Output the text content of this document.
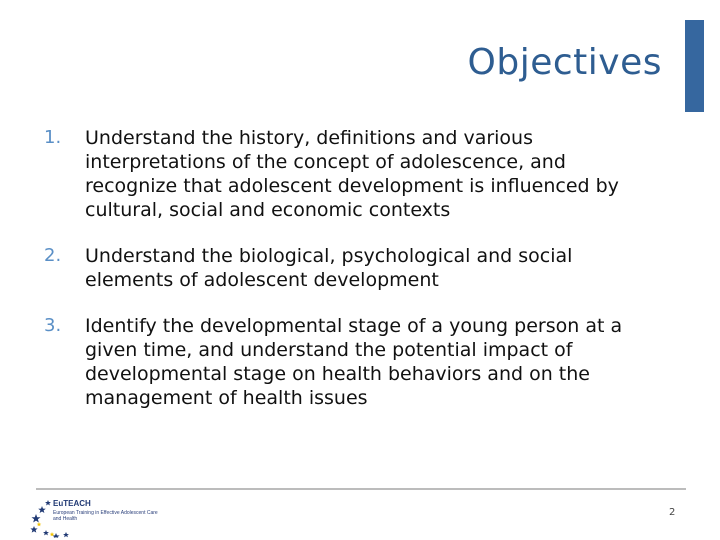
Objectives
1. Understand the history, definitions and various interpretations of the concept of adolescence, and recognize that adolescent development is influenced by cultural, social and economic contexts
2. Understand the biological, psychological and social elements of adolescent development
3. Identify the developmental stage of a young person at a given time, and understand the potential impact of developmental stage on health behaviors and on the management of health issues
EuTEACH
European Training in Effective Adolescent Care and Health
2
